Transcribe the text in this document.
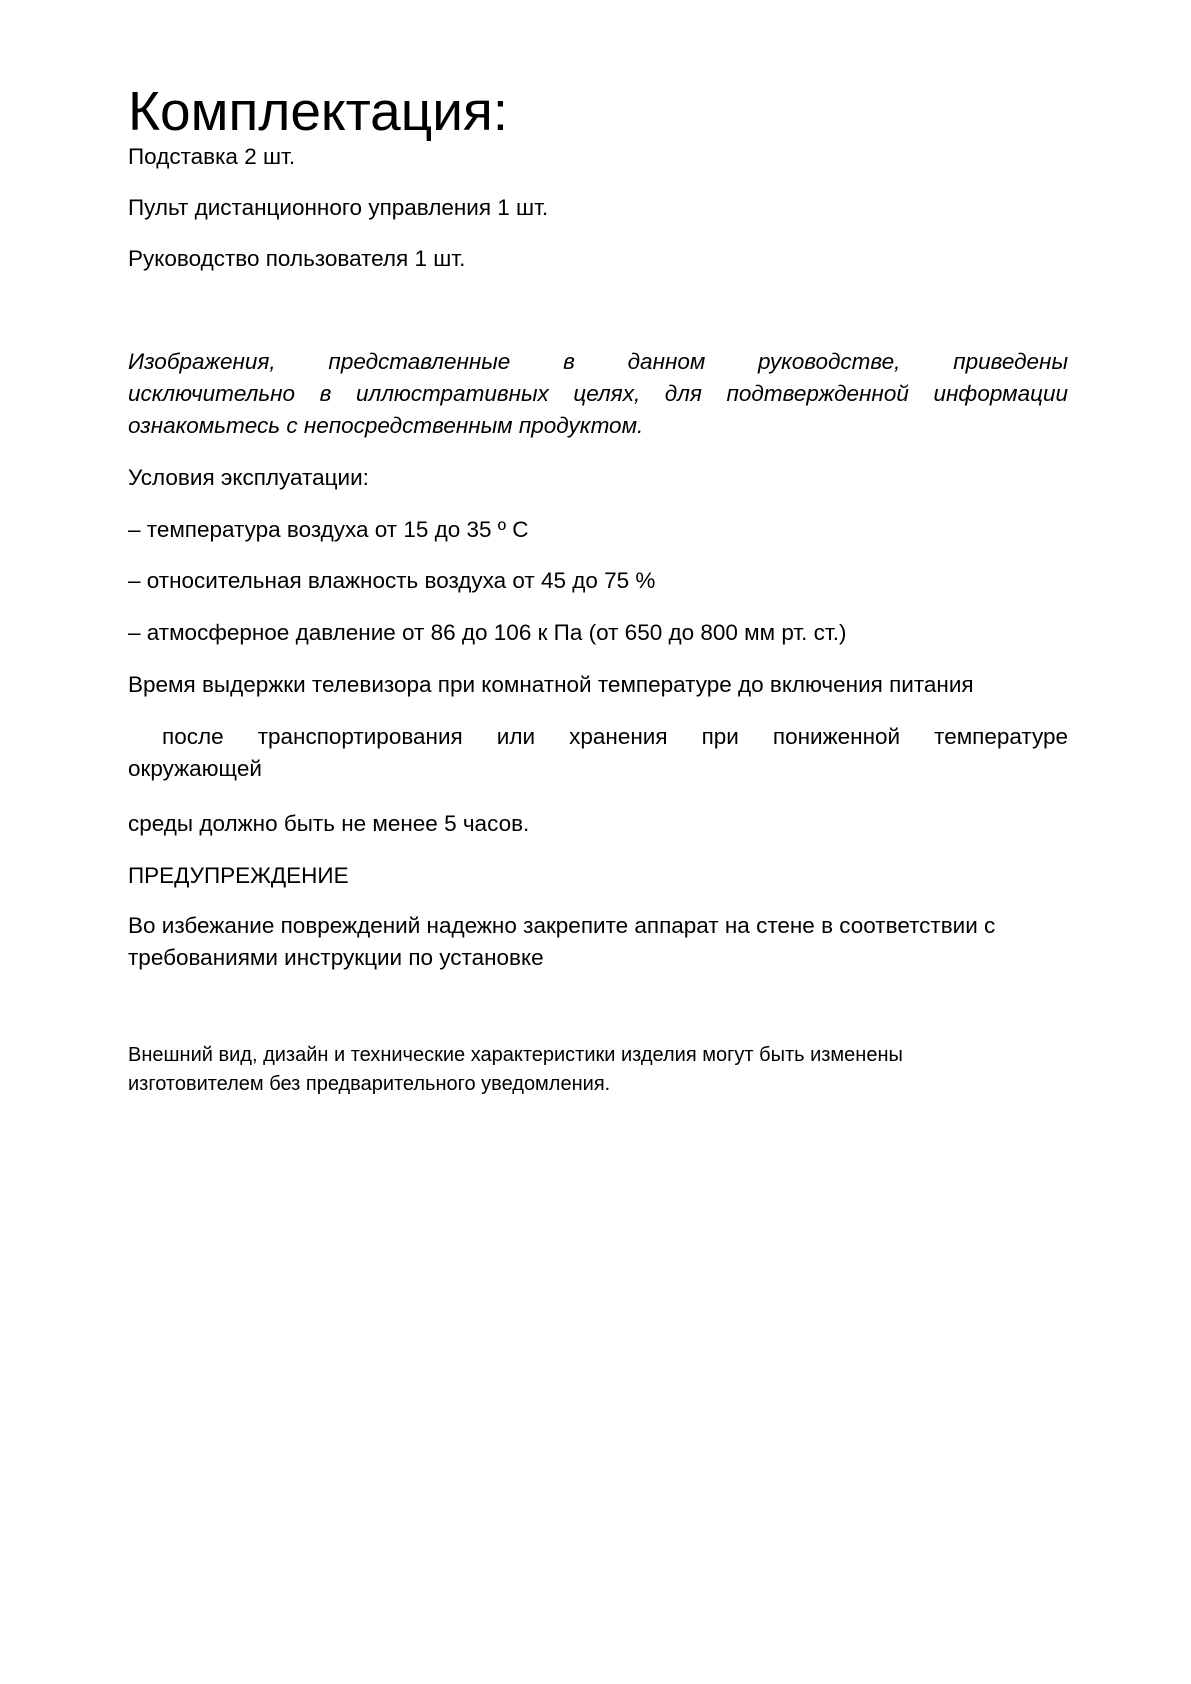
Комплектация:

Подставка 2 шт.

Пульт дистанционного управления 1 шт.

Руководство пользователя 1 шт.

Изображения, представленные в данном руководстве, приведены
исключительно в иллюстративных целях, для подтвержденной информации
ознакомьтесь с непосредственным продуктом.

Условия эксплуатации:

– температура воздуха от 15 до 35 º С

– относительная влажность воздуха от 45 до 75 %

– атмосферное давление от 86 до 106 к Па (от 650 до 800 мм рт. ст.)

Время выдержки телевизора при комнатной температуре до включения питания

после транспортирования или хранения при пониженной температуре
окружающей

среды должно быть не менее 5 часов.

ПРЕДУПРЕЖДЕНИЕ

Во избежание повреждений надежно закрепите аппарат на стене в соответствии с
требованиями инструкции по установке
Внешний вид, дизайн и технические характеристики изделия могут быть изменены
изготовителем без предварительного уведомления.
